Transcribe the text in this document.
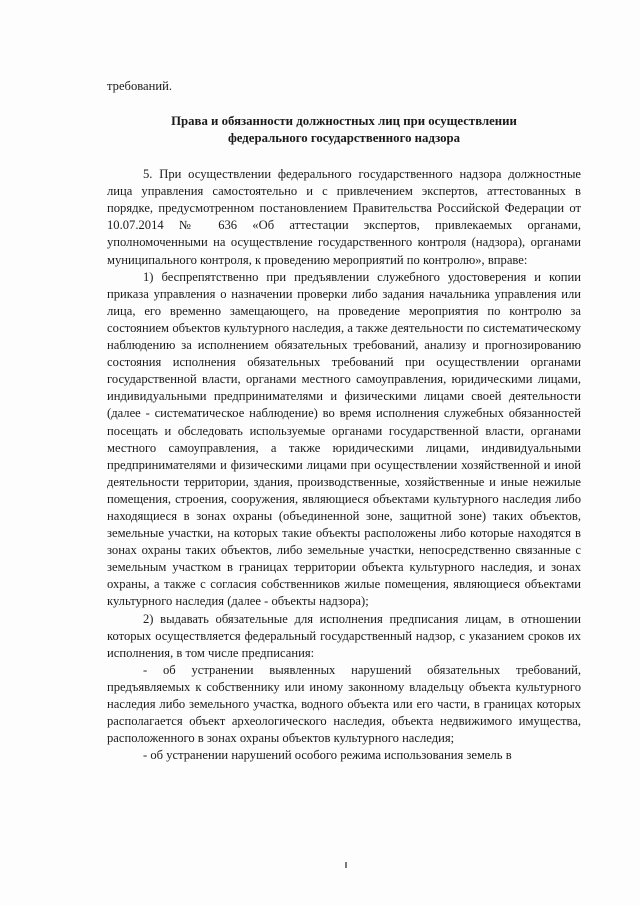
требований.

Права и обязанности должностных лиц при осуществлении
федерального государственного надзора

5. При осуществлении федерального государственного надзора должностные лица управления самостоятельно и с привлечением экспертов, аттестованных в порядке, предусмотренном постановлением Правительства Российской Федерации от 10.07.2014 № 636 «Об аттестации экспертов, привлекаемых органами, уполномоченными на осуществление государственного контроля (надзора), органами муниципального контроля, к проведению мероприятий по контролю», вправе:

1) беспрепятственно при предъявлении служебного удостоверения и копии приказа управления о назначении проверки либо задания начальника управления или лица, его временно замещающего, на проведение мероприятия по контролю за состоянием объектов культурного наследия, а также деятельности по систематическому наблюдению за исполнением обязательных требований, анализу и прогнозированию состояния исполнения обязательных требований при осуществлении органами государственной власти, органами местного самоуправления, юридическими лицами, индивидуальными предпринимателями и физическими лицами своей деятельности (далее - систематическое наблюдение) во время исполнения служебных обязанностей посещать и обследовать используемые органами государственной власти, органами местного самоуправления, а также юридическими лицами, индивидуальными предпринимателями и физическими лицами при осуществлении хозяйственной и иной деятельности территории, здания, производственные, хозяйственные и иные нежилые помещения, строения, сооружения, являющиеся объектами культурного наследия либо находящиеся в зонах охраны (объединенной зоне, защитной зоне) таких объектов, земельные участки, на которых такие объекты расположены либо которые находятся в зонах охраны таких объектов, либо земельные участки, непосредственно связанные с земельным участком в границах территории объекта культурного наследия, и зонах охраны, а также с согласия собственников жилые помещения, являющиеся объектами культурного наследия (далее - объекты надзора);

2) выдавать обязательные для исполнения предписания лицам, в отношении которых осуществляется федеральный государственный надзор, с указанием сроков их исполнения, в том числе предписания:

- об устранении выявленных нарушений обязательных требований, предъявляемых к собственнику или иному законному владельцу объекта культурного наследия либо земельного участка, водного объекта или его части, в границах которых располагается объект археологического наследия, объекта недвижимого имущества, расположенного в зонах охраны объектов культурного наследия;

- об устранении нарушений особого режима использования земель в
